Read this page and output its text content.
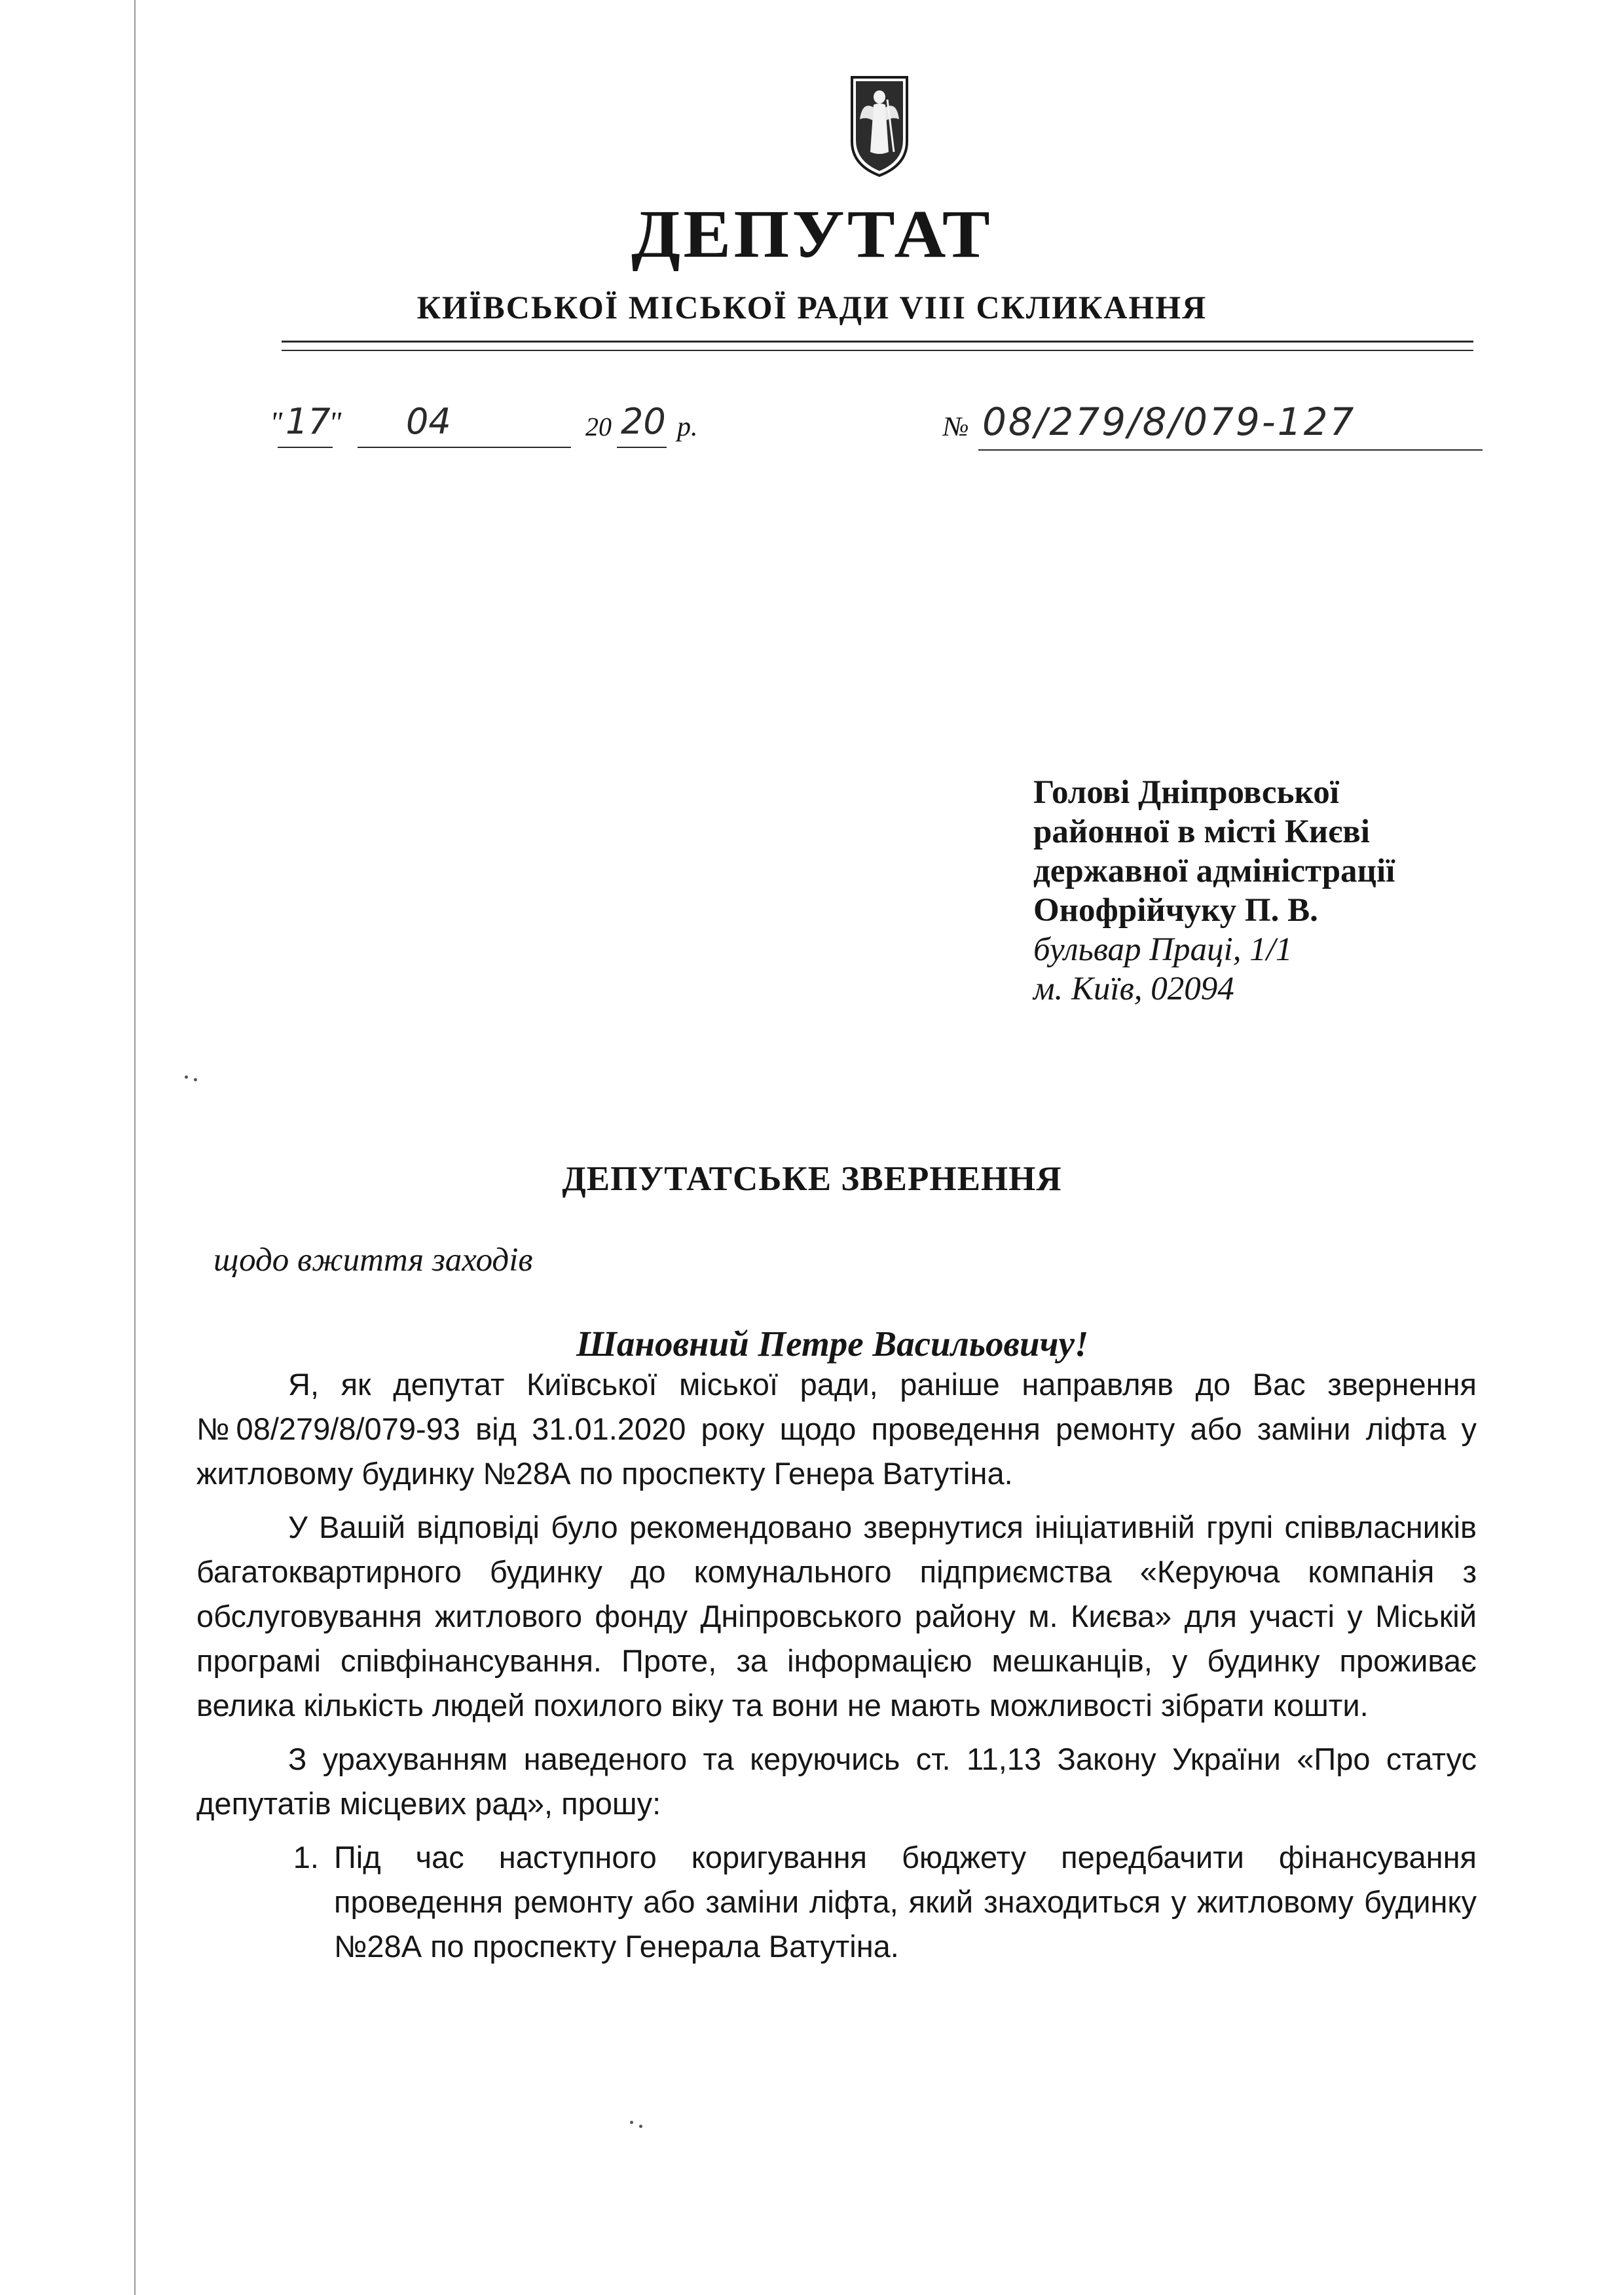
ДЕПУТАТ
КИЇВСЬКОЇ МІСЬКОЇ РАДИ VIII СКЛИКАННЯ
" 17
" 04	20 20 р.	№ 08/279/8/079-127
Голові Дніпровської
районної в місті Києві
державної адміністрації
Онофрійчуку П. В.
бульвар Праці, 1/1
м. Київ, 02094
ДЕПУТАТСЬКЕ ЗВЕРНЕННЯ
щодо вжиття заходів
Шановний Петре Васильовичу!

Я, як депутат Київської міської ради, раніше направляв до Вас звернення №08/279/8/079-93 від 31.01.2020 року щодо проведення ремонту або заміни ліфта у житловому будинку №28А по проспекту Генера Ватутіна.

У Вашій відповіді було рекомендовано звернутися ініціативній групі співвласників багатоквартирного будинку до комунального підприємства «Керуюча компанія з обслуговування житлового фонду Дніпровського району м. Києва» для участі у Міській програмі співфінансування. Проте, за інформацією мешканців, у будинку проживає велика кількість людей похилого віку та вони не мають можливості зібрати кошти.

З урахуванням наведеного та керуючись ст. 11,13 Закону України «Про статус депутатів місцевих рад», прошу:

1. Під час наступного коригування бюджету передбачити фінансування проведення ремонту або заміни ліфта, який знаходиться у житловому будинку №28А по проспекту Генерала Ватутіна.
